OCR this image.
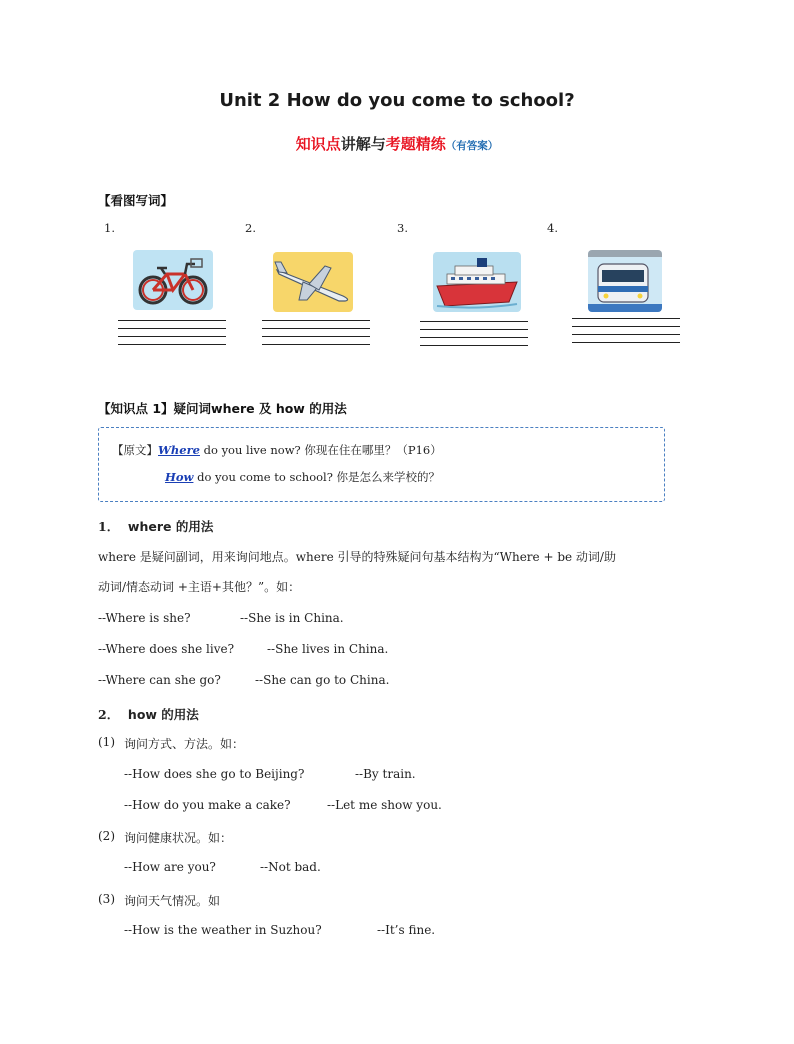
Unit 2 How do you come to school?
知识点讲解与考题精练（有答案）
【看图写词】
1.	2.	3.	4.
【知识点 1】疑问词where 及 how 的用法
【原文】Where do you live now? 你现在住在哪里？（P16）
How do you come to school? 你是怎么来学校的？
1． where 的用法
where 是疑问副词，用来询问地点。where 引导的特殊疑问句基本结构为“Where + be 动词/助
动词/情态动词 +主语+其他？”。如：
--Where is she?	--She is in China.
--Where does she live?	--She lives in China.
--Where can she go?	--She can go to China.
2． how 的用法
(1) 询问方式、方法。如：
--How does she go to Beijing?	--By train.
--How do you make a cake?	--Let me show you.
(2) 询问健康状况。如：
--How are you?	--Not bad.
(3) 询问天气情况。如
--How is the weather in Suzhou?	--It’s fine.
